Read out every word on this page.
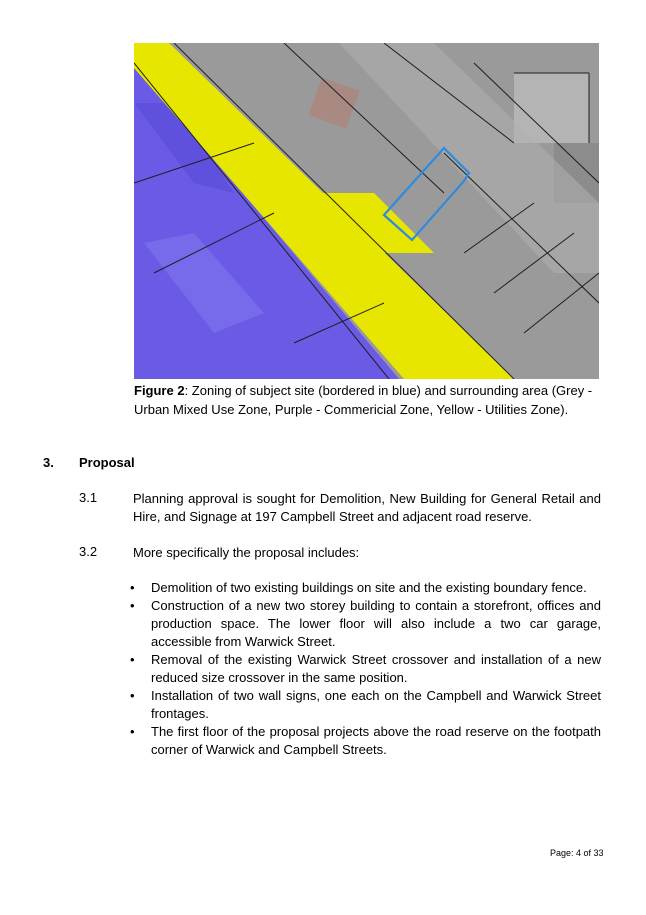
Figure 2: Zoning of subject site (bordered in blue) and surrounding area (Grey - Urban Mixed Use Zone, Purple - Commericial Zone, Yellow - Utilities Zone).
3. Proposal
3.1	Planning approval is sought for Demolition, New Building for General Retail and Hire, and Signage at 197 Campbell Street and adjacent road reserve.
3.2	More specifically the proposal includes:
• Demolition of two existing buildings on site and the existing boundary fence.
• Construction of a new two storey building to contain a storefront, offices and production space. The lower floor will also include a two car garage, accessible from Warwick Street.
• Removal of the existing Warwick Street crossover and installation of a new reduced size crossover in the same position.
• Installation of two wall signs, one each on the Campbell and Warwick Street frontages.
• The first floor of the proposal projects above the road reserve on the footpath corner of Warwick and Campbell Streets.
Page: 4 of 33
